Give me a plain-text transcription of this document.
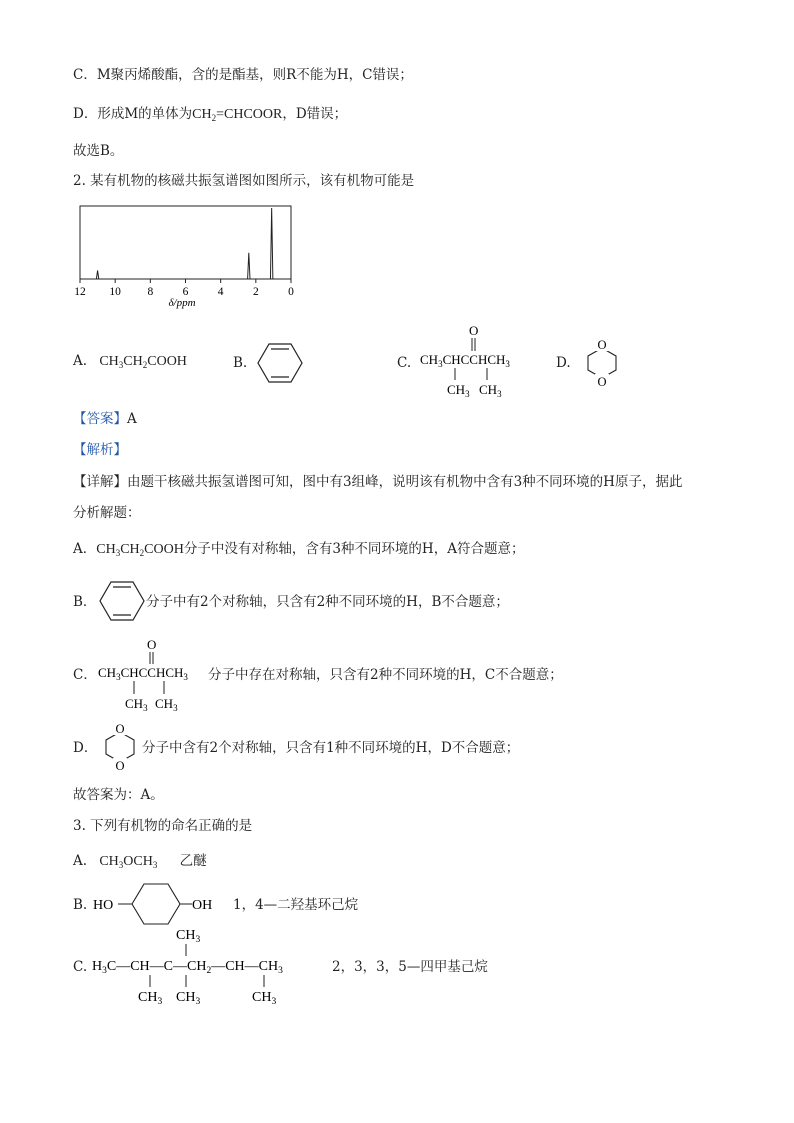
C．M聚丙烯酸酯，含的是酯基，则R不能为H，C错误；
D．形成M的单体为$CH_2=CHCOOR$，D错误；
故选B。
2. 某有机物的核磁共振氢谱图如图所示，该有机物可能是
12 10 8	6	4	2	0
δ/ppm
A. $CH_3CH_2COOH$	B.	C.
O
$CH_3CHCCHCH_3$
$CH_3$ $CH_3$
D.
O
O
【答案】A
【解析】
【详解】由题干核磁共振氢谱图可知，图中有3组峰，说明该有机物中含有3种不同环境的H原子，据此
分析解题：
A．$CH_3CH_2COOH$分子中没有对称轴，含有3种不同环境的H，A符合题意；
B．	分子中有2个对称轴，只含有2种不同环境的H，B不合题意；
C．
O
$CH_3CHCCHCH_3$
$CH_3$ $CH_3$
分子中存在对称轴，只含有2种不同环境的H，C不合题意；
D．
O
O
分子中含有2个对称轴，只含有1种不同环境的H，D不合题意；
故答案为：A。
3. 下列有机物的命名正确的是
A. $CH_3OCH_3$ 乙醚
B. HO	OH 1，4—二羟基环己烷
C.
$CH_3$
$H_3C—CH—C—CH_2—CH—CH_3$
$CH_3$ $CH_3$	$CH_3$
2，3，3，5—四甲基己烷
